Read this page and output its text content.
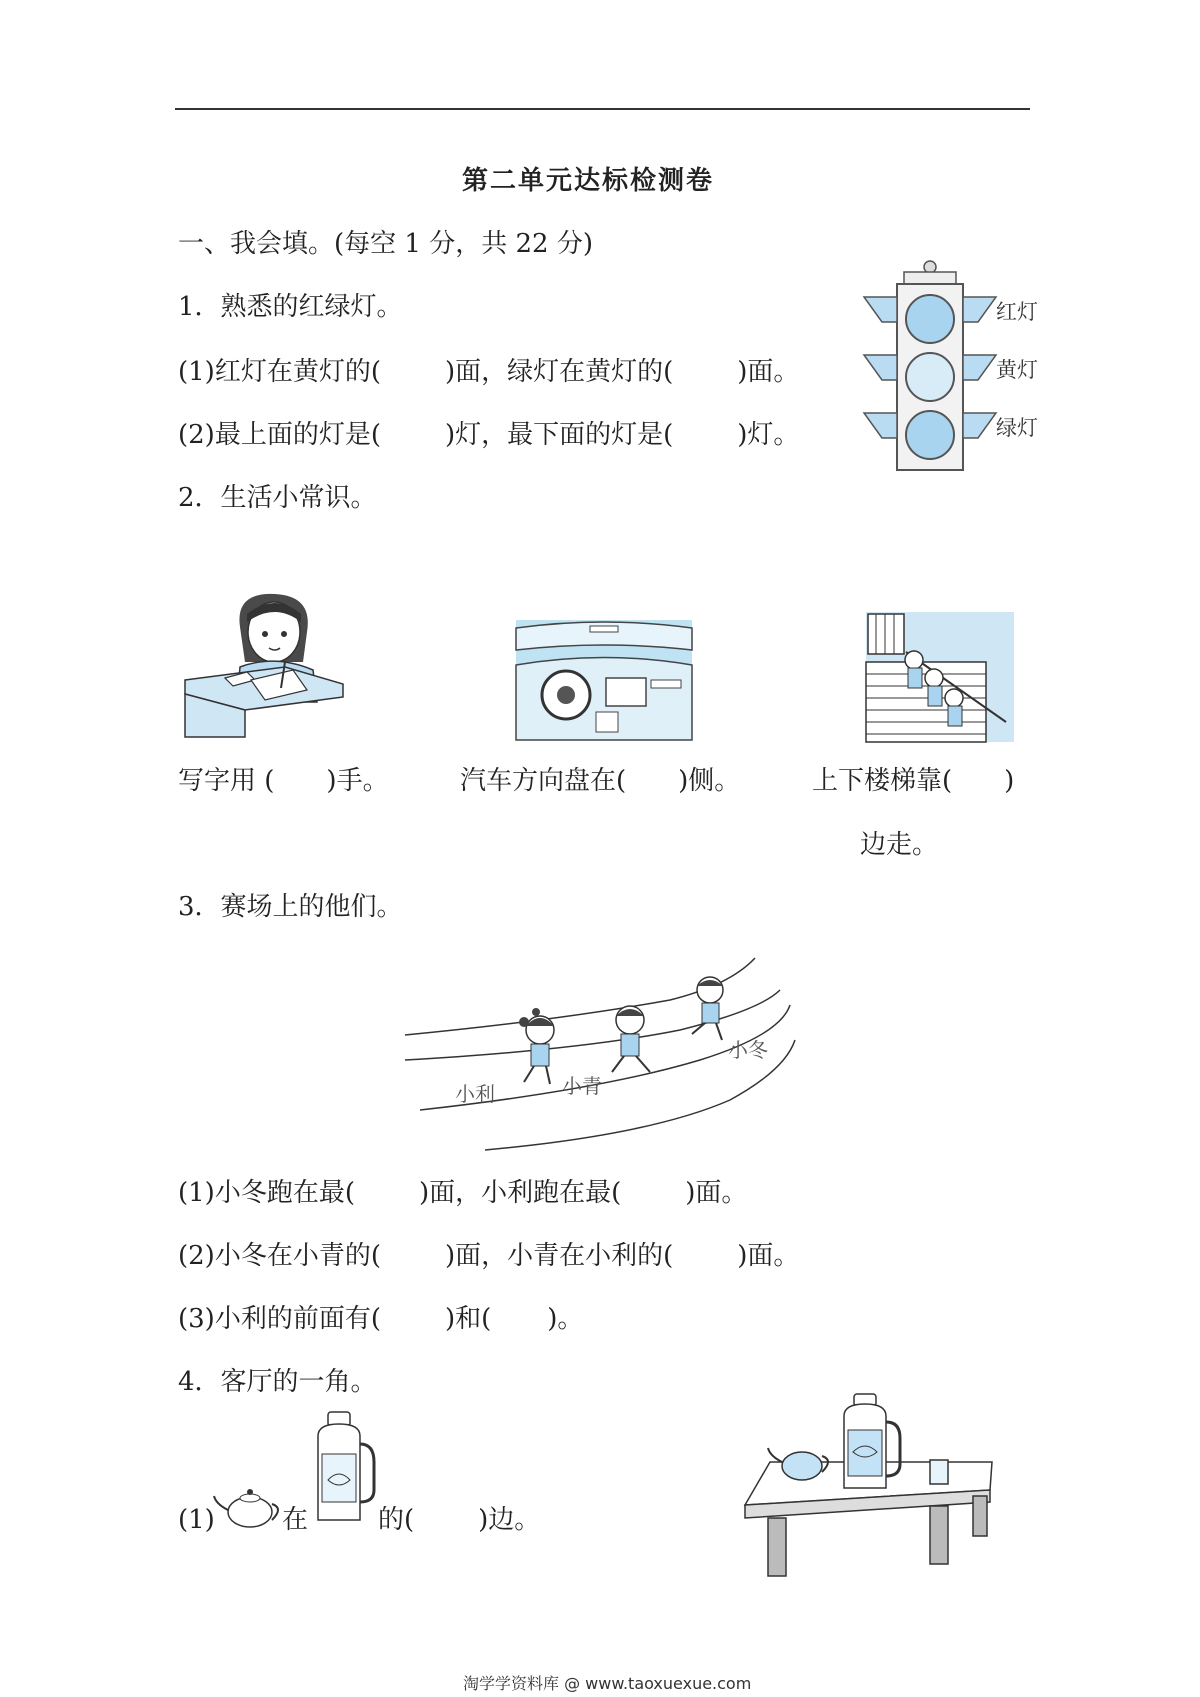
第二单元达标检测卷
一、我会填。(每空 1 分，共 22 分)
1．熟悉的红绿灯。
(1)红灯在黄灯的( )面，绿灯在黄灯的( )面。
(2)最上面的灯是( )灯，最下面的灯是( )灯。
红灯
黄灯
绿灯
2．生活小常识。
写字用 ( )手。	汽车方向盘在( )侧。	上下楼梯靠( )
边走。
3．赛场上的他们。
小利	小青
小冬
(1)小冬跑在最( )面，小利跑在最( )面。
(2)小冬在小青的( )面，小青在小利的( )面。
(3)小利的前面有( )和( )。
4．客厅的一角。
(1)	在	的( )边。
淘学学资料库 @ www.taoxuexue.com
